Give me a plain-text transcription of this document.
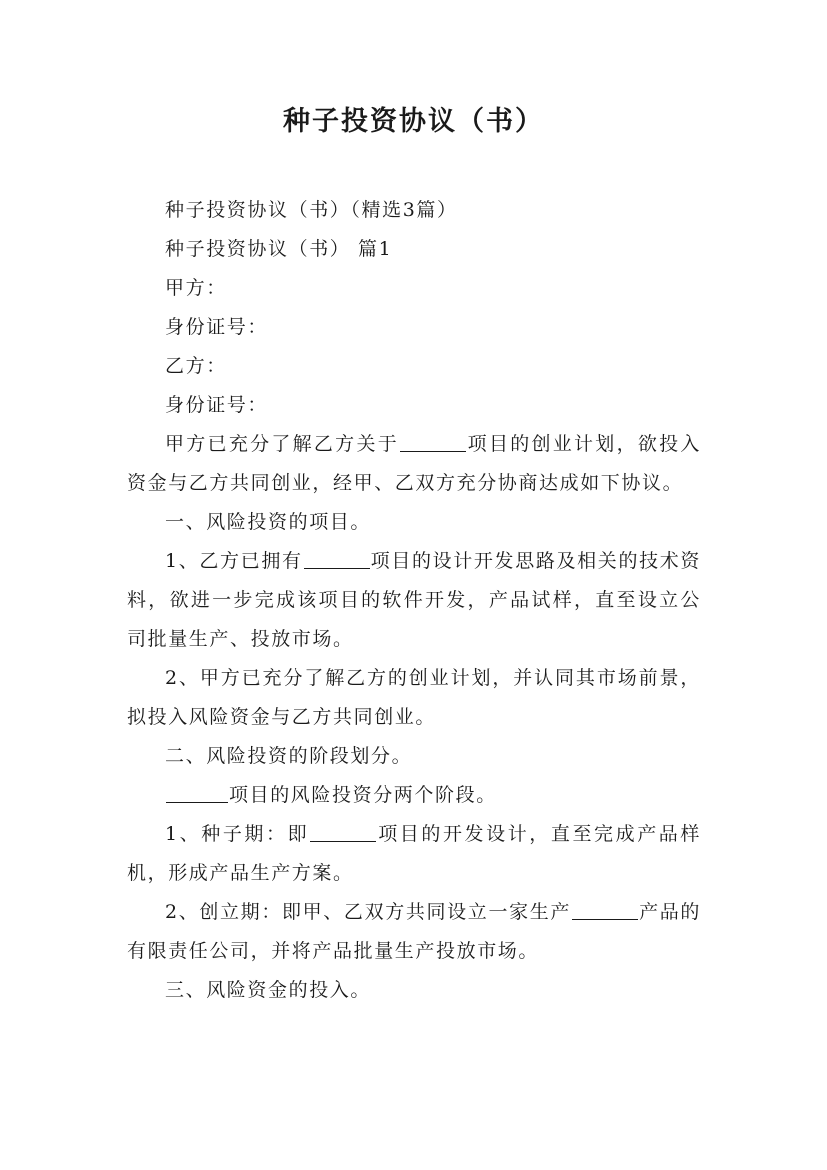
种子投资协议（书）

种子投资协议（书）（精选3篇）

种子投资协议（书） 篇1

甲方：

身份证号：

乙方：

身份证号：

甲方已充分了解乙方关于	项目的创业计划，欲投入资金与乙方共同创业，经甲、乙双方充分协商达成如下协议。

一、风险投资的项目。

1、乙方已拥有	项目的设计开发思路及相关的技术资料，欲进一步完成该项目的软件开发，产品试样，直至设立公司批量生产、投放市场。

2、甲方已充分了解乙方的创业计划，并认同其市场前景，拟投入风险资金与乙方共同创业。

二、风险投资的阶段划分。

项目的风险投资分两个阶段。

1、种子期：即	项目的开发设计，直至完成产品样机，形成产品生产方案。

2、创立期：即甲、乙双方共同设立一家生产	产品的有限责任公司，并将产品批量生产投放市场。

三、风险资金的投入。
